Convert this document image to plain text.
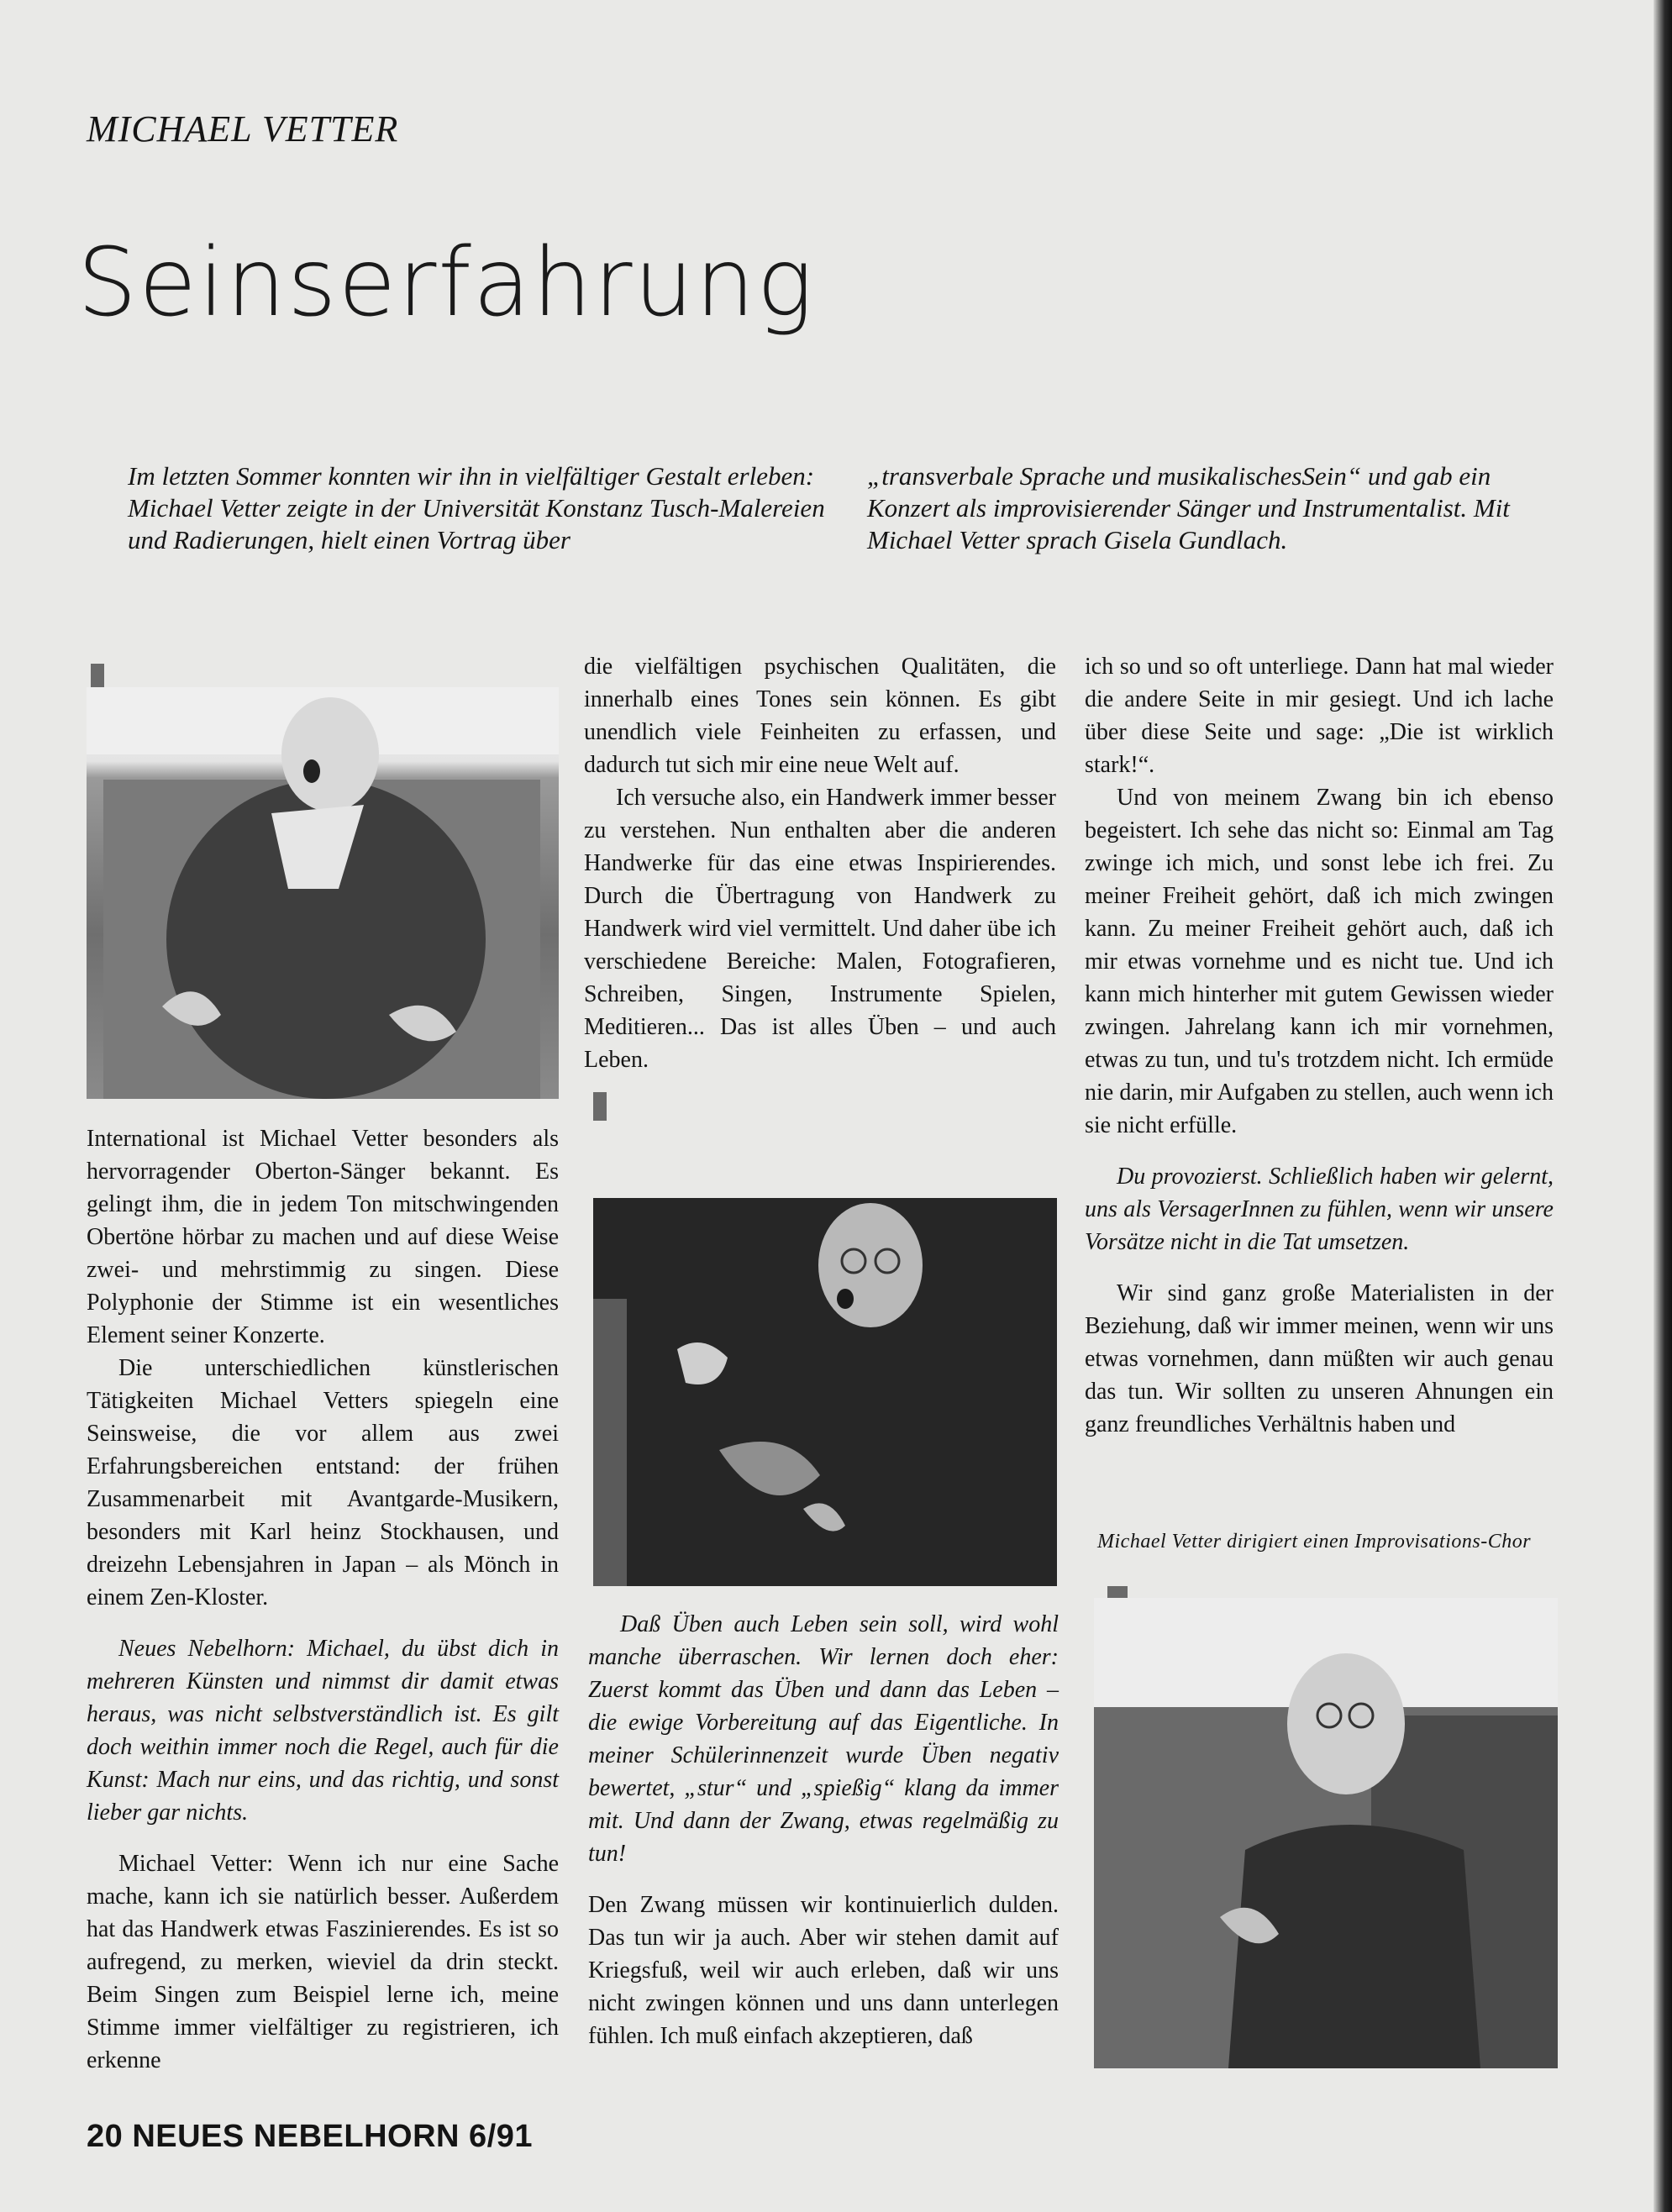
MICHAEL VETTER
Seinserfahrung

Im letzten Sommer konnten wir ihn in vielfältiger Gestalt erleben: Michael Vetter zeigte in der Universität Konstanz Tusch-Malereien und Radierungen, hielt einen Vortrag über

„transverbale Sprache und musikalischesSein“ und gab ein Konzert als improvisierender Sänger und Instrumentalist. Mit Michael Vetter sprach Gisela Gundlach.

International ist Michael Vetter besonders als hervorragender Oberton-Sänger bekannt. Es gelingt ihm, die in jedem Ton mitschwingenden Obertöne hörbar zu machen und auf diese Weise zwei- und mehrstimmig zu singen. Diese Polyphonie der Stimme ist ein wesentliches Element seiner Konzerte.

Die unterschiedlichen künstlerischen Tätigkeiten Michael Vetters spiegeln eine Seinsweise, die vor allem aus zwei Erfahrungsbereichen entstand: der frühen Zusammenarbeit mit Avantgarde-Musikern, besonders mit Karl heinz Stockhausen, und dreizehn Lebensjahren in Japan – als Mönch in einem Zen-Kloster.

Neues Nebelhorn: Michael, du übst dich in mehreren Künsten und nimmst dir damit etwas heraus, was nicht selbstverständlich ist. Es gilt doch weithin immer noch die Regel, auch für die Kunst: Mach nur eins, und das richtig, und sonst lieber gar nichts.

Michael Vetter: Wenn ich nur eine Sache mache, kann ich sie natürlich besser. Außerdem hat das Handwerk etwas Faszinierendes. Es ist so aufregend, zu merken, wieviel da drin steckt. Beim Singen zum Beispiel lerne ich, meine Stimme immer vielfältiger zu registrieren, ich erkenne

die vielfältigen psychischen Qualitäten, die innerhalb eines Tones sein können. Es gibt unendlich viele Feinheiten zu erfassen, und dadurch tut sich mir eine neue Welt auf.

Ich versuche also, ein Handwerk immer besser zu verstehen. Nun enthalten aber die anderen Handwerke für das eine etwas Inspirierendes. Durch die Übertragung von Handwerk zu Handwerk wird viel vermittelt. Und daher übe ich verschiedene Bereiche: Malen, Fotografieren, Schreiben, Singen, Instrumente Spielen, Meditieren... Das ist alles Üben – und auch Leben.

Daß Üben auch Leben sein soll, wird wohl manche überraschen. Wir lernen doch eher: Zuerst kommt das Üben und dann das Leben – die ewige Vorbereitung auf das Eigentliche. In meiner Schülerinnenzeit wurde Üben negativ bewertet, „stur“ und „spießig“ klang da immer mit. Und dann der Zwang, etwas regelmäßig zu tun!

Den Zwang müssen wir kontinuierlich dulden. Das tun wir ja auch. Aber wir stehen damit auf Kriegsfuß, weil wir auch erleben, daß wir uns nicht zwingen können und uns dann unterlegen fühlen. Ich muß einfach akzeptieren, daß

ich so und so oft unterliege. Dann hat mal wieder die andere Seite in mir gesiegt. Und ich lache über diese Seite und sage: „Die ist wirklich stark!“.

Und von meinem Zwang bin ich ebenso begeistert. Ich sehe das nicht so: Einmal am Tag zwinge ich mich, und sonst lebe ich frei. Zu meiner Freiheit gehört, daß ich mich zwingen kann. Zu meiner Freiheit gehört auch, daß ich mir etwas vornehme und es nicht tue. Und ich kann mich hinterher mit gutem Gewissen wieder zwingen. Jahrelang kann ich mir vornehmen, etwas zu tun, und tu's trotzdem nicht. Ich ermüde nie darin, mir Aufgaben zu stellen, auch wenn ich sie nicht erfülle.

Du provozierst. Schließlich haben wir gelernt, uns als VersagerInnen zu fühlen, wenn wir unsere Vorsätze nicht in die Tat umsetzen.

Wir sind ganz große Materialisten in der Beziehung, daß wir immer meinen, wenn wir uns etwas vornehmen, dann müßten wir auch genau das tun. Wir sollten zu unseren Ahnungen ein ganz freundliches Verhältnis haben und

Michael Vetter dirigiert einen Improvisations-Chor

20 NEUES NEBELHORN 6/91
